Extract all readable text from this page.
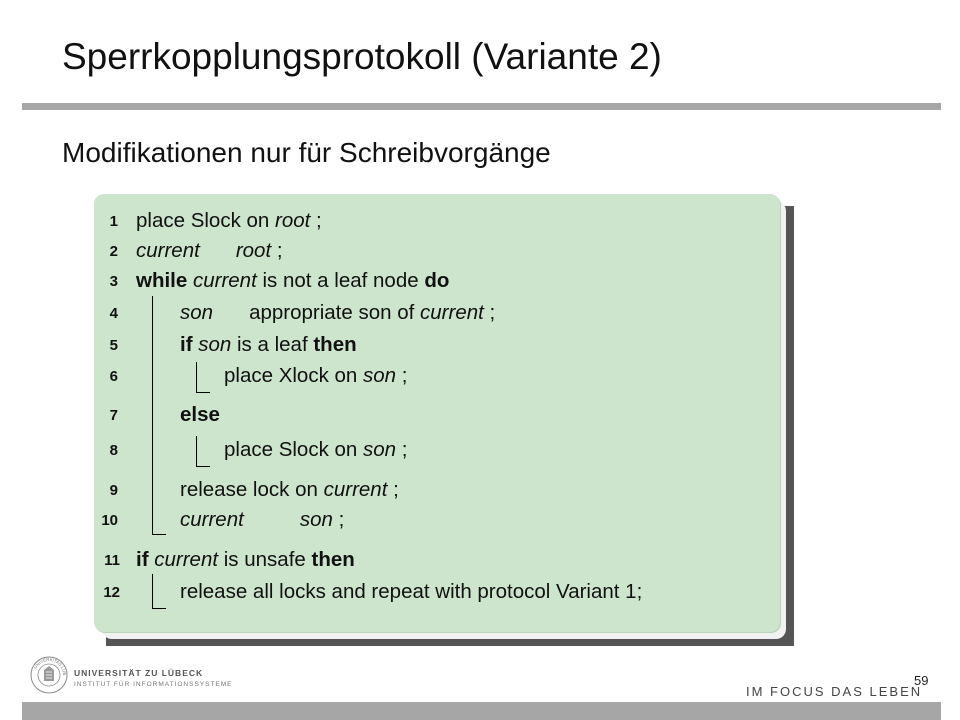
Sperrkopplungsprotokoll (Variante 2)
Modifikationen nur für Schreibvorgänge
1 place Slock on root ;
2 current root ;
3 while current is not a leaf node do
4	son appropriate son of current ;
5	if son is a leaf then
6	place Xlock on son ;
7	else
8	place Slock on son ;
9	release lock on current ;
10	current	son ;
11 if current is unsafe then
12	release all locks and repeat with protocol Variant 1;
UNIVERSITAS LUB UNIVERSITÄT ZU LÜBECK
INSTITUT FÜR INFORMATIONSSYSTEME	IM FOCUS DAS LEBEN
59
